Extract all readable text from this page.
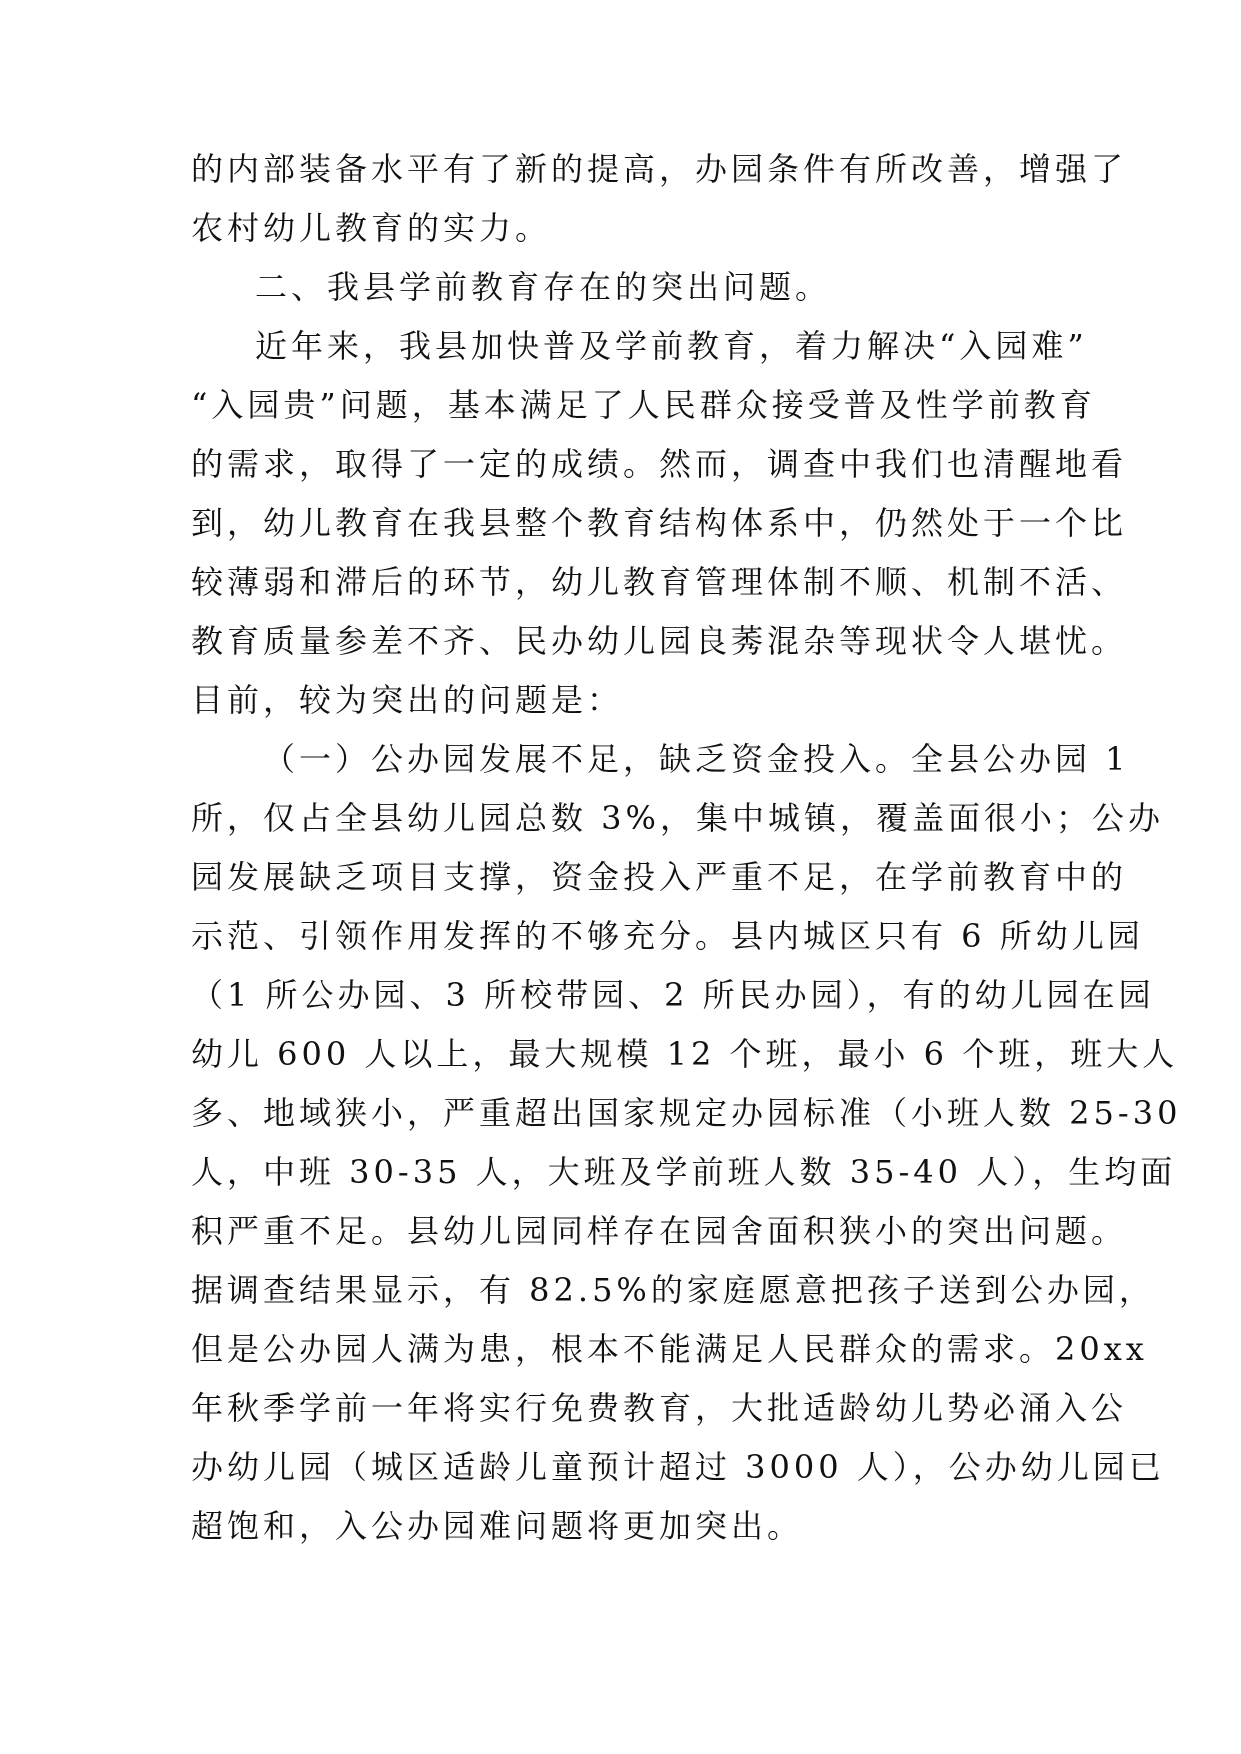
的内部装备水平有了新的提高，办园条件有所改善，增强了
农村幼儿教育的实力。
二、我县学前教育存在的突出问题。
近年来，我县加快普及学前教育，着力解决“入园难”
“入园贵”问题，基本满足了人民群众接受普及性学前教育
的需求，取得了一定的成绩。然而，调查中我们也清醒地看
到，幼儿教育在我县整个教育结构体系中，仍然处于一个比
较薄弱和滞后的环节，幼儿教育管理体制不顺、机制不活、
教育质量参差不齐、民办幼儿园良莠混杂等现状令人堪忧。
目前，较为突出的问题是：
（一）公办园发展不足，缺乏资金投入。全县公办园 1
所，仅占全县幼儿园总数 3%，集中城镇，覆盖面很小；公办
园发展缺乏项目支撑，资金投入严重不足，在学前教育中的
示范、引领作用发挥的不够充分。县内城区只有 6 所幼儿园
（1 所公办园、3 所校带园、2 所民办园），有的幼儿园在园
幼儿 600 人以上，最大规模 12 个班，最小 6 个班，班大人
多、地域狭小，严重超出国家规定办园标准（小班人数 25-30
人，中班 30-35 人，大班及学前班人数 35-40 人），生均面
积严重不足。县幼儿园同样存在园舍面积狭小的突出问题。
据调查结果显示，有 82.5%的家庭愿意把孩子送到公办园，
但是公办园人满为患，根本不能满足人民群众的需求。20xx
年秋季学前一年将实行免费教育，大批适龄幼儿势必涌入公
办幼儿园（城区适龄儿童预计超过 3000 人），公办幼儿园已
超饱和，入公办园难问题将更加突出。
